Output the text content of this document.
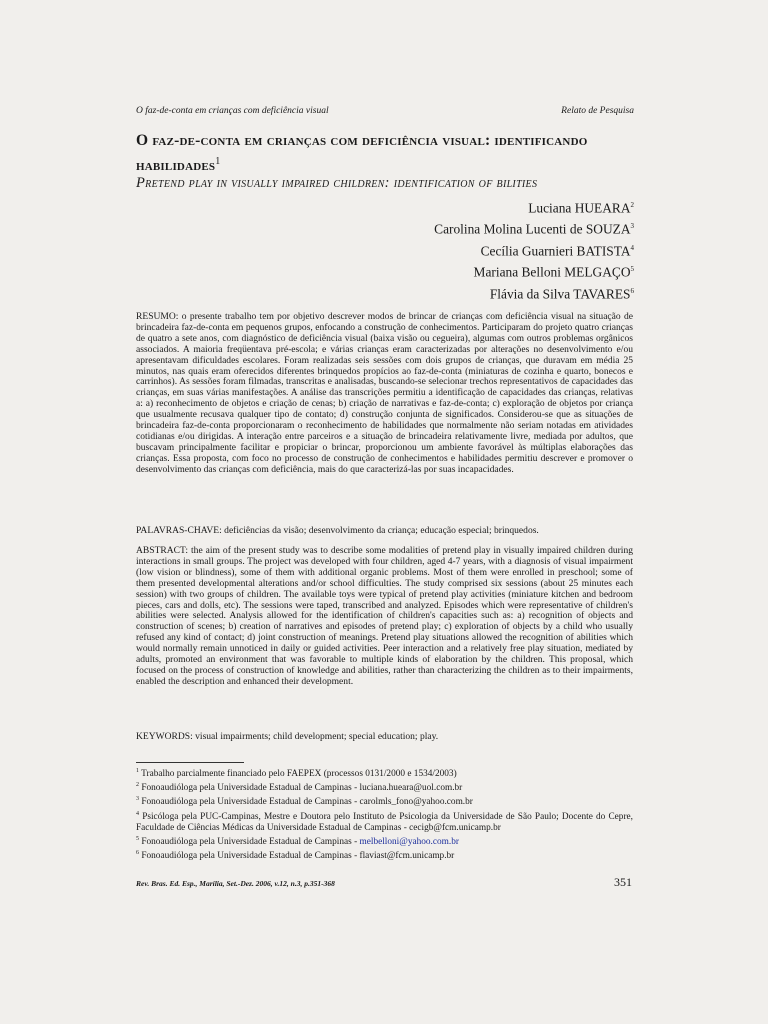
O faz-de-conta em crianças com deficiência visual	Relato de Pesquisa
O faz-de-conta em crianças com deficiência visual: identificando habilidades$^1$
Pretend play in visually impaired children: identification of bilities
Luciana HUEARA$^2$
Carolina Molina Lucenti de SOUZA$^3$
Cecília Guarnieri BATISTA$^4$
Mariana Belloni MELGAÇO$^5$
Flávia da Silva TAVARES$^6$

RESUMO: o presente trabalho tem por objetivo descrever modos de brincar de crianças com deficiência visual na situação de brincadeira faz-de-conta em pequenos grupos, enfocando a construção de conhecimentos. Participaram do projeto quatro crianças de quatro a sete anos, com diagnóstico de deficiência visual (baixa visão ou cegueira), algumas com outros problemas orgânicos associados. A maioria freqüentava pré-escola; e várias crianças eram caracterizadas por alterações no desenvolvimento e/ou apresentavam dificuldades escolares. Foram realizadas seis sessões com dois grupos de crianças, que duravam em média 25 minutos, nas quais eram oferecidos diferentes brinquedos propícios ao faz-de-conta (miniaturas de cozinha e quarto, bonecos e carrinhos). As sessões foram filmadas, transcritas e analisadas, buscando-se selecionar trechos representativos de capacidades das crianças, em suas várias manifestações. A análise das transcrições permitiu a identificação de capacidades das crianças, relativas a: a) reconhecimento de objetos e criação de cenas; b) criação de narrativas e faz-de-conta; c) exploração de objetos por criança que usualmente recusava qualquer tipo de contato; d) construção conjunta de significados. Considerou-se que as situações de brincadeira faz-de-conta proporcionaram o reconhecimento de habilidades que normalmente não seriam notadas em atividades cotidianas e/ou dirigidas. A interação entre parceiros e a situação de brincadeira relativamente livre, mediada por adultos, que buscavam principalmente facilitar e propiciar o brincar, proporcionou um ambiente favorável às múltiplas elaborações das crianças. Essa proposta, com foco no processo de construção de conhecimentos e habilidades permitiu descrever e promover o desenvolvimento das crianças com deficiência, mais do que caracterizá-las por suas incapacidades.

PALAVRAS-CHAVE: deficiências da visão; desenvolvimento da criança; educação especial; brinquedos.

ABSTRACT: the aim of the present study was to describe some modalities of pretend play in visually impaired children during interactions in small groups. The project was developed with four children, aged 4-7 years, with a diagnosis of visual impairment (low vision or blindness), some of them with additional organic problems. Most of them were enrolled in preschool; some of them presented developmental alterations and/or school difficulties. The study comprised six sessions (about 25 minutes each session) with two groups of children. The available toys were typical of pretend play activities (miniature kitchen and bedroom pieces, cars and dolls, etc). The sessions were taped, transcribed and analyzed. Episodes which were representative of children's abilities were selected. Analysis allowed for the identification of children's capacities such as: a) recognition of objects and construction of scenes; b) creation of narratives and episodes of pretend play; c) exploration of objects by a child who usually refused any kind of contact; d) joint construction of meanings. Pretend play situations allowed the recognition of abilities which would normally remain unnoticed in daily or guided activities. Peer interaction and a relatively free play situation, mediated by adults, promoted an environment that was favorable to multiple kinds of elaboration by the children. This proposal, which focused on the process of construction of knowledge and abilities, rather than characterizing the children as to their impairments, enabled the description and enhanced their development.

KEYWORDS: visual impairments; child development; special education; play.

$^1$ Trabalho parcialmente financiado pelo FAEPEX (processos 0131/2000 e 1534/2003)

$^2$ Fonoaudióloga pela Universidade Estadual de Campinas - luciana.hueara@uol.com.br

$^3$ Fonoaudióloga pela Universidade Estadual de Campinas - carolmls_fono@yahoo.com.br

$^4$ Psicóloga pela PUC-Campinas, Mestre e Doutora pelo Instituto de Psicologia da Universidade de São Paulo; Docente do Cepre, Faculdade de Ciências Médicas da Universidade Estadual de Campinas - cecigb@fcm.unicamp.br

$^5$ Fonoaudióloga pela Universidade Estadual de Campinas - melbelloni@yahoo.com.br

$^6$ Fonoaudióloga pela Universidade Estadual de Campinas - flaviast@fcm.unicamp.br

Rev. Bras. Ed. Esp., Marília, Set.-Dez. 2006, v.12, n.3, p.351-368	351
